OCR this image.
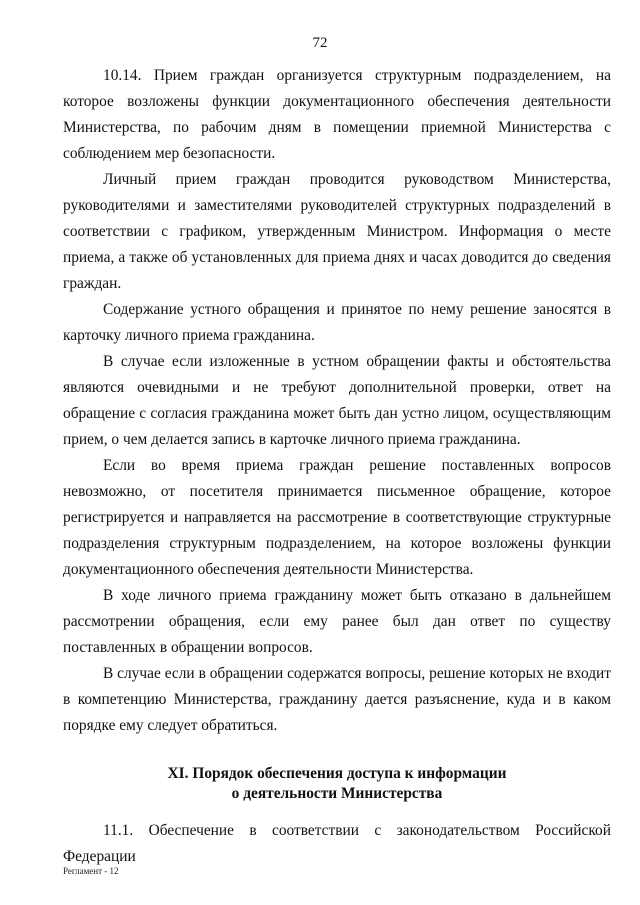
72

10.14. Прием граждан организуется структурным подразделением, на которое возложены функции документационного обеспечения деятельности Министерства, по рабочим дням в помещении приемной Министерства с соблюдением мер безопасности.

Личный прием граждан проводится руководством Министерства, руководителями и заместителями руководителей структурных подразделений в соответствии с графиком, утвержденным Министром. Информация о месте приема, а также об установленных для приема днях и часах доводится до сведения граждан.

Содержание устного обращения и принятое по нему решение заносятся в карточку личного приема гражданина.

В случае если изложенные в устном обращении факты и обстоятельства являются очевидными и не требуют дополнительной проверки, ответ на обращение с согласия гражданина может быть дан устно лицом, осуществляющим прием, о чем делается запись в карточке личного приема гражданина.

Если во время приема граждан решение поставленных вопросов невозможно, от посетителя принимается письменное обращение, которое регистрируется и направляется на рассмотрение в соответствующие структурные подразделения структурным подразделением, на которое возложены функции документационного обеспечения деятельности Министерства.

В ходе личного приема гражданину может быть отказано в дальнейшем рассмотрении обращения, если ему ранее был дан ответ по существу поставленных в обращении вопросов.

В случае если в обращении содержатся вопросы, решение которых не входит в компетенцию Министерства, гражданину дается разъяснение, куда и в каком порядке ему следует обратиться.

XI. Порядок обеспечения доступа к информации
о деятельности Министерства

11.1. Обеспечение в соответствии с законодательством Российской Федерации

Регламент - 12
